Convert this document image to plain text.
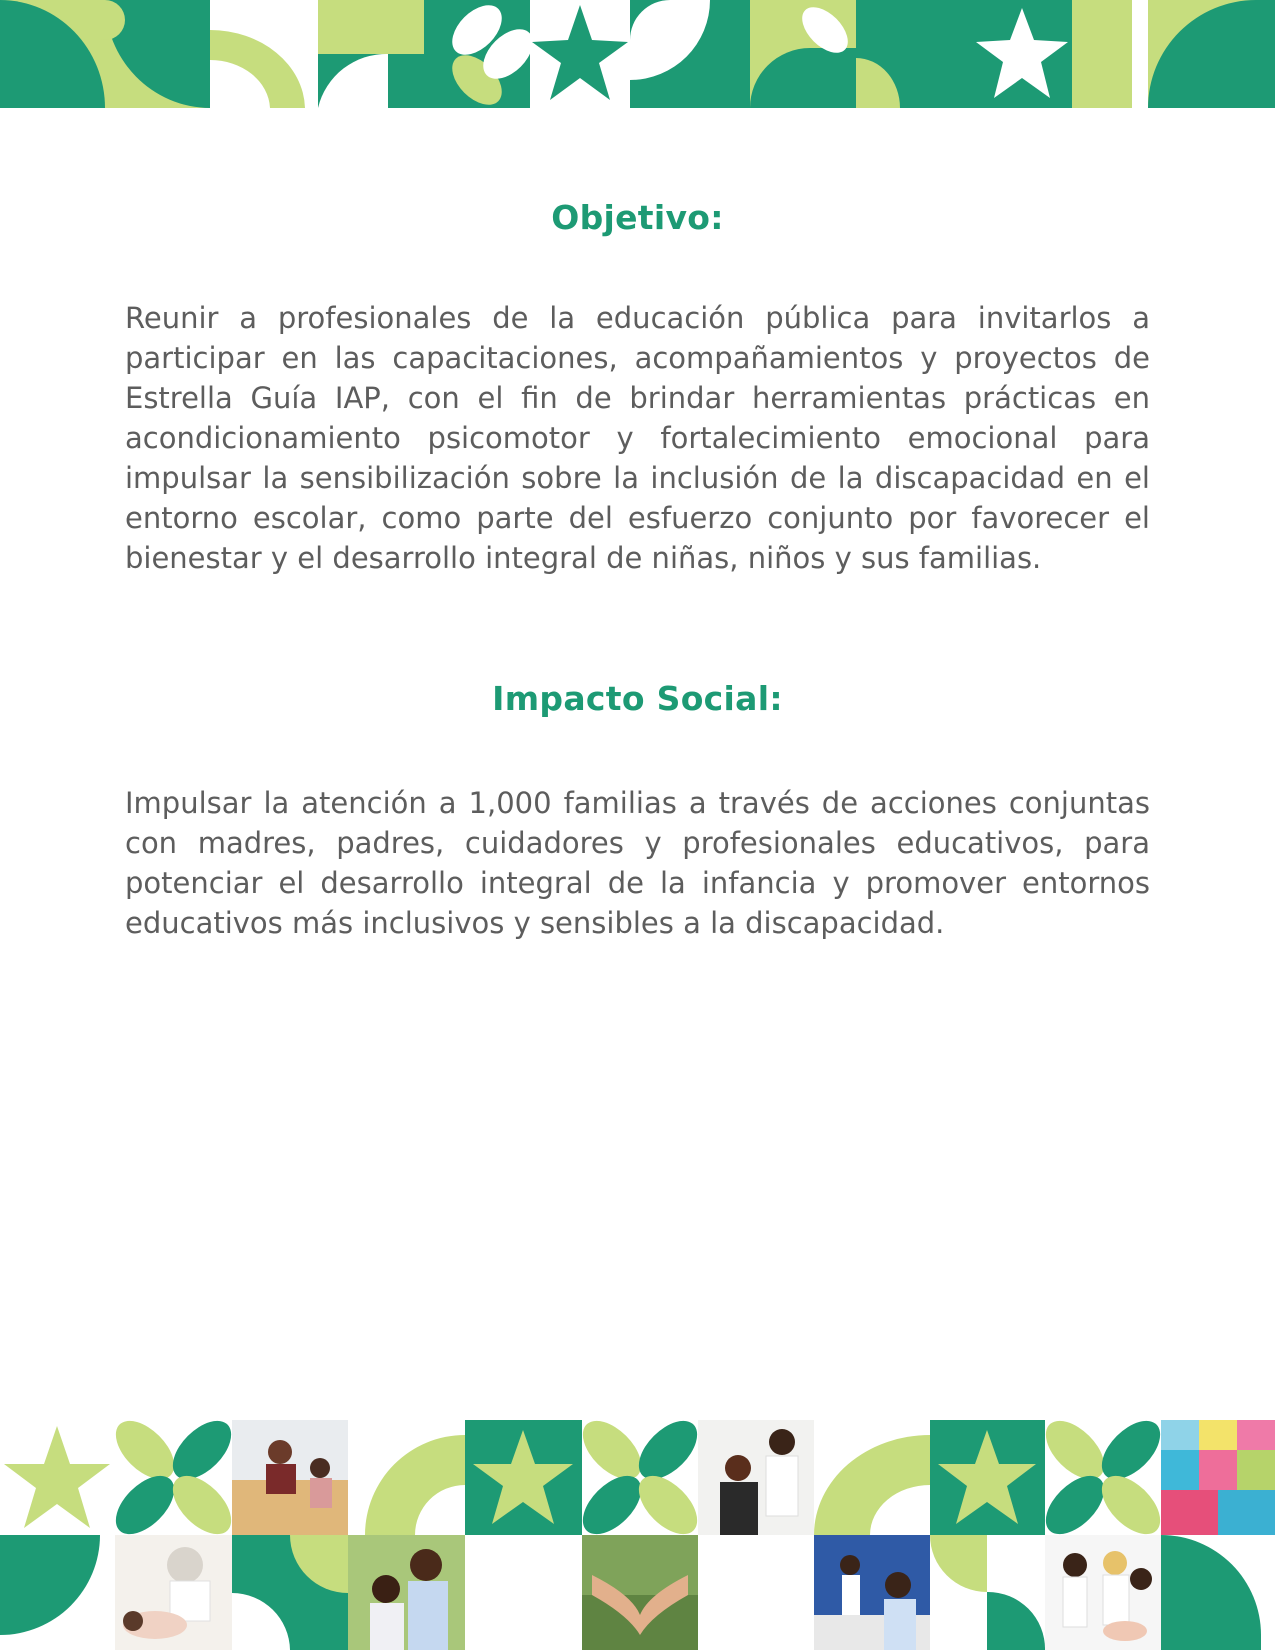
Objetivo:

Reunir a profesionales de la educación pública para invitarlos a participar en las capacitaciones, acompañamientos y proyectos de Estrella Guía IAP, con el fin de brindar herramientas prácticas en acondicionamiento psicomotor y fortalecimiento emocional para impulsar la sensibilización sobre la inclusión de la discapacidad en el entorno escolar, como parte del esfuerzo conjunto por favorecer el bienestar y el desarrollo integral de niñas, niños y sus familias.

Impacto Social:

Impulsar la atención a 1,000 familias a través de acciones conjuntas con madres, padres, cuidadores y profesionales educativos, para potenciar el desarrollo integral de la infancia y promover entornos educativos más inclusivos y sensibles a la discapacidad.
